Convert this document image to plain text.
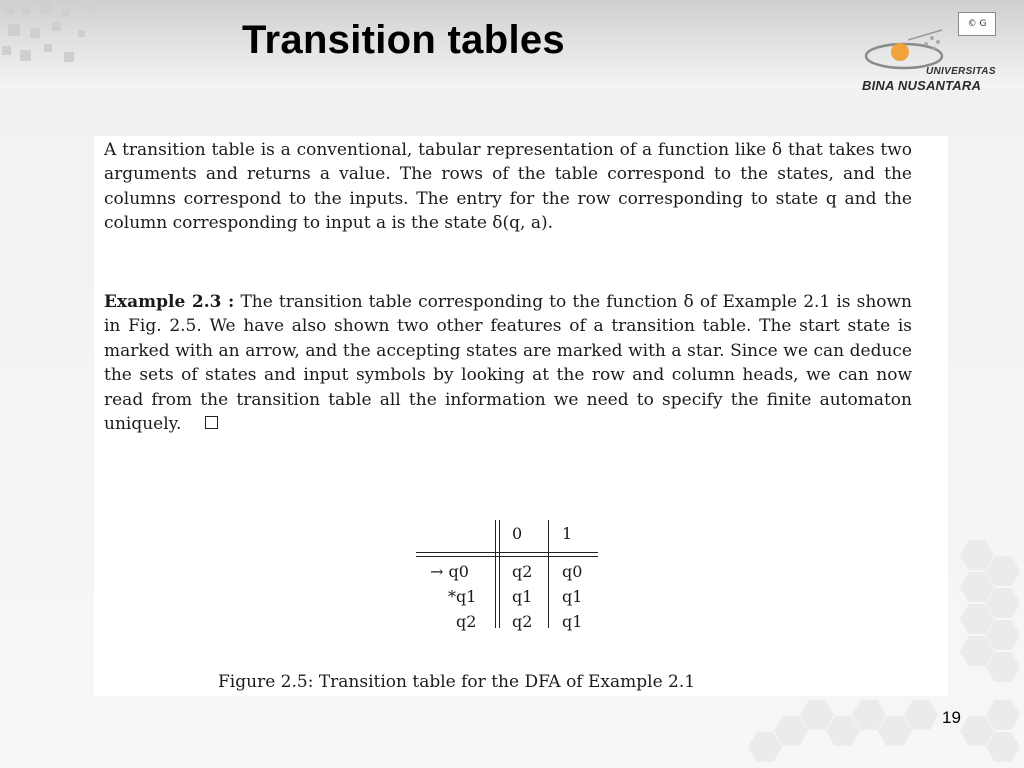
Transition tables	© G
UNIVERSITAS
BINA NUSANTARA
A transition table is a conventional, tabular representation of a function like δ that takes two arguments and returns a value. The rows of the table correspond to the states, and the columns correspond to the inputs. The entry for the row corresponding to state q and the column corresponding to input a is the state δ(q, a).
Example 2.3 : The transition table corresponding to the function δ of Example 2.1 is shown in Fig. 2.5. We have also shown two other features of a transition table. The start state is marked with an arrow, and the accepting states are marked with a star. Since we can deduce the sets of states and input symbols by looking at the row and column heads, we can now read from the transition table all the information we need to specify the finite automaton uniquely.
0 1
→ q0	q2 q0
*q1 q1 q1
q2 q2 q1
Figure 2.5: Transition table for the DFA of Example 2.1
19
